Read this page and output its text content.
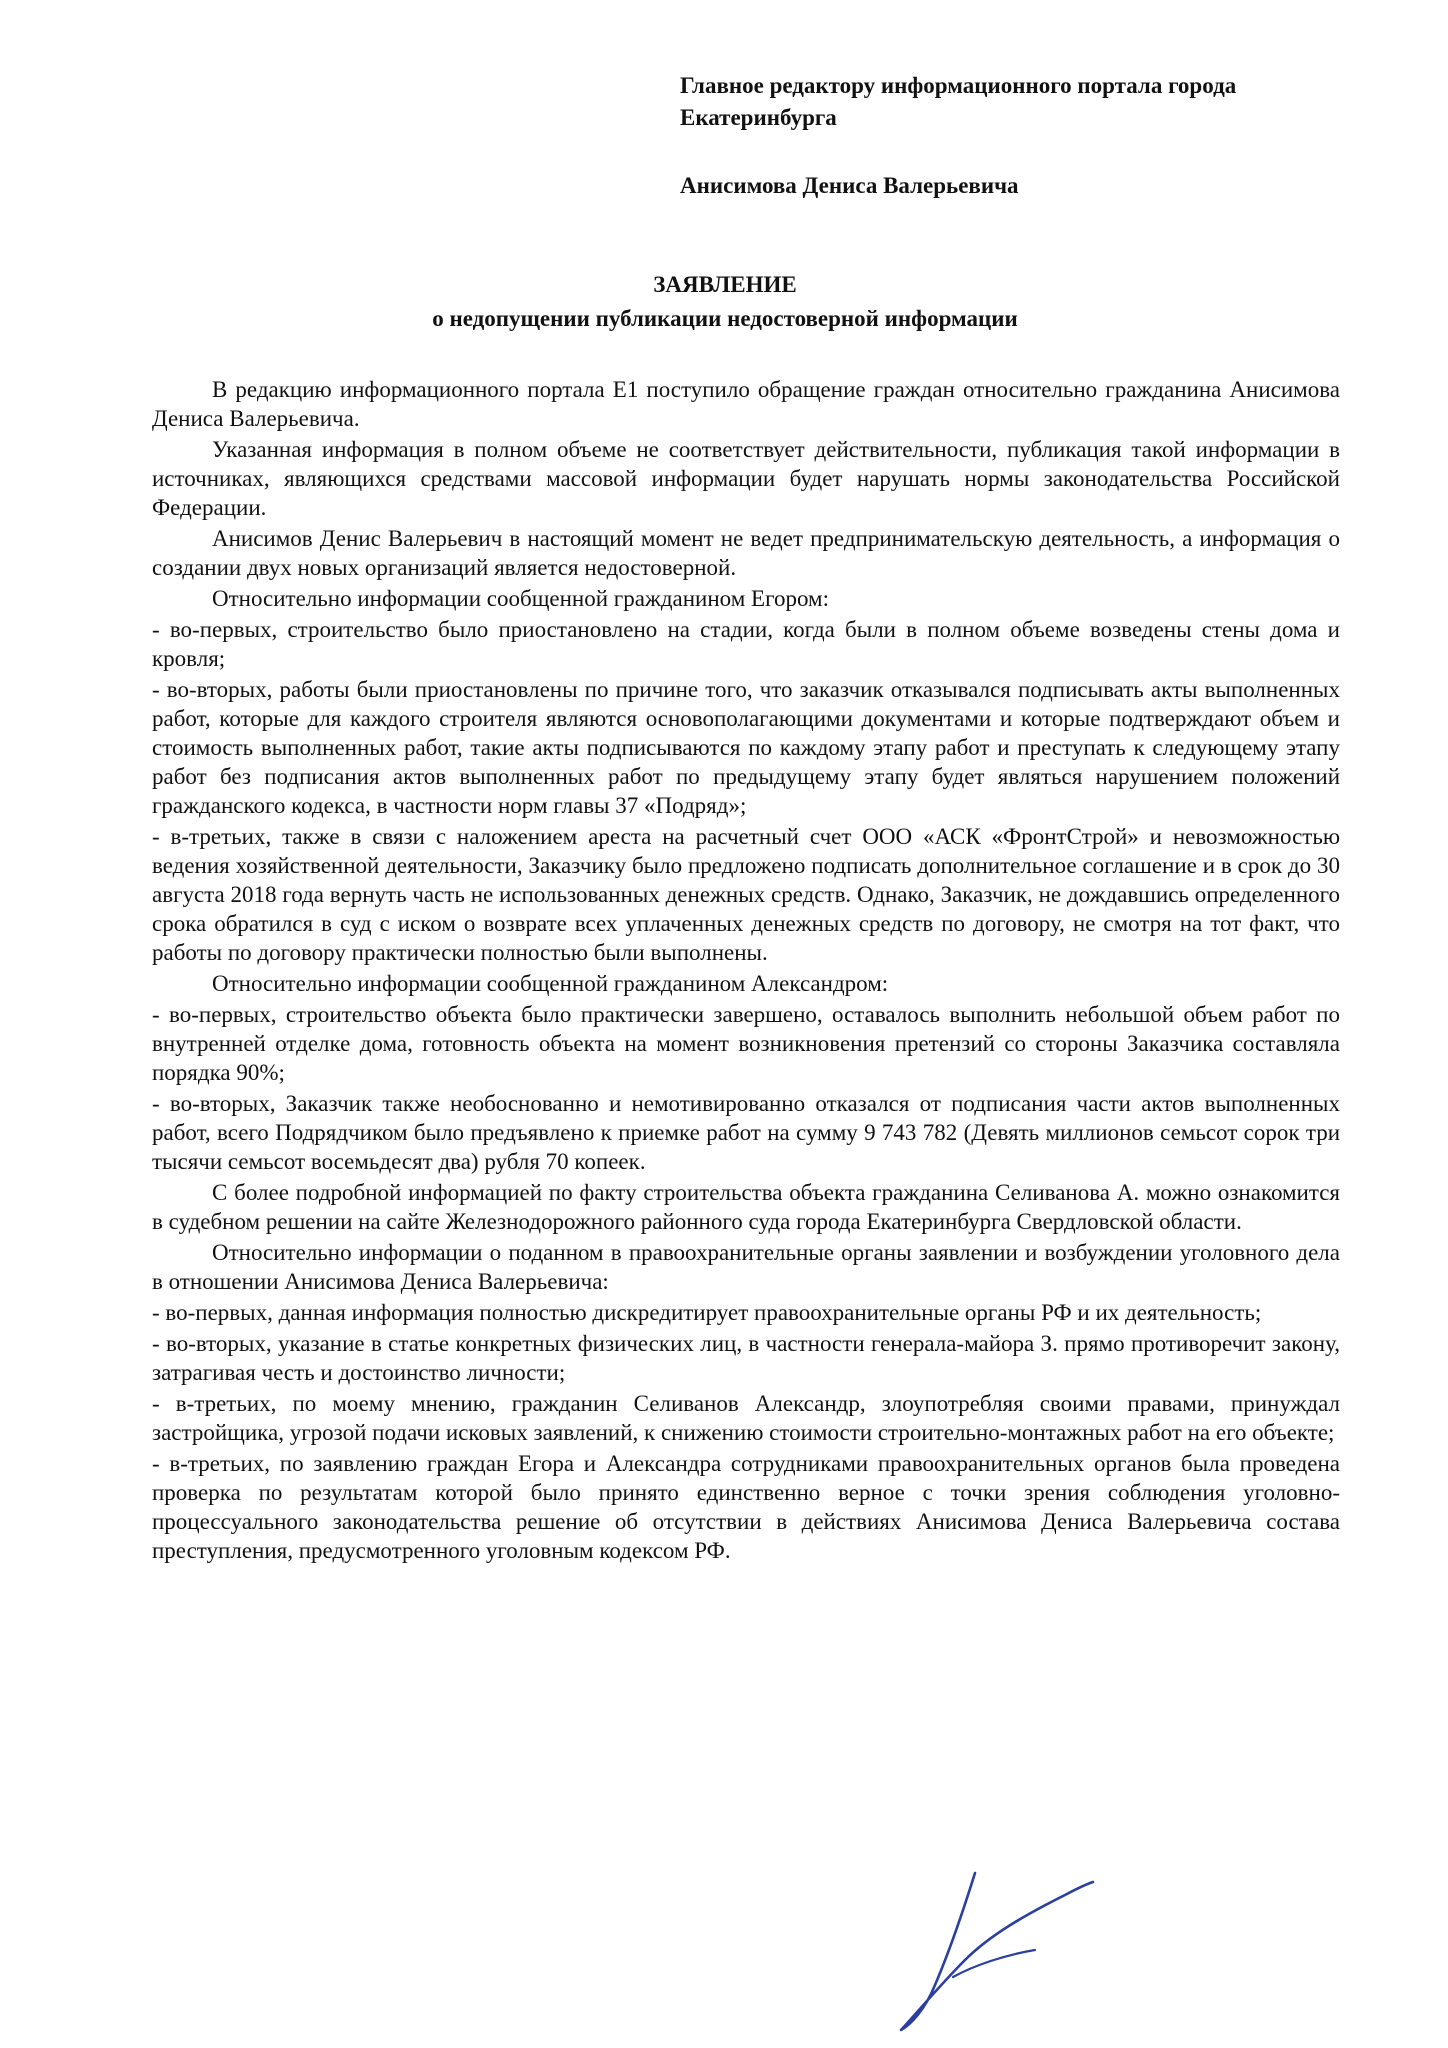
Главное редактору информационного портала города
Екатеринбурга
Анисимова Дениса Валерьевича
ЗАЯВЛЕНИЕ
о недопущении публикации недостоверной информации

В редакцию информационного портала Е1 поступило обращение граждан относительно гражданина Анисимова Дениса Валерьевича.

Указанная информация в полном объеме не соответствует действительности, публикация такой информации в источниках, являющихся средствами массовой информации будет нарушать нормы законодательства Российской Федерации.

Анисимов Денис Валерьевич в настоящий момент не ведет предпринимательскую деятельность, а информация о создании двух новых организаций является недостоверной.

Относительно информации сообщенной гражданином Егором:

- во-первых, строительство было приостановлено на стадии, когда были в полном объеме возведены стены дома и кровля;

- во-вторых, работы были приостановлены по причине того, что заказчик отказывался подписывать акты выполненных работ, которые для каждого строителя являются основополагающими документами и которые подтверждают объем и стоимость выполненных работ, такие акты подписываются по каждому этапу работ и преступать к следующему этапу работ без подписания актов выполненных работ по предыдущему этапу будет являться нарушением положений гражданского кодекса, в частности норм главы 37 «Подряд»;

- в-третьих, также в связи с наложением ареста на расчетный счет ООО «АСК «ФронтСтрой» и невозможностью ведения хозяйственной деятельности, Заказчику было предложено подписать дополнительное соглашение и в срок до 30 августа 2018 года вернуть часть не использованных денежных средств. Однако, Заказчик, не дождавшись определенного срока обратился в суд с иском о возврате всех уплаченных денежных средств по договору, не смотря на тот факт, что работы по договору практически полностью были выполнены.

Относительно информации сообщенной гражданином Александром:

- во-первых, строительство объекта было практически завершено, оставалось выполнить небольшой объем работ по внутренней отделке дома, готовность объекта на момент возникновения претензий со стороны Заказчика составляла порядка 90%;

- во-вторых, Заказчик также необоснованно и немотивированно отказался от подписания части актов выполненных работ, всего Подрядчиком было предъявлено к приемке работ на сумму 9 743 782 (Девять миллионов семьсот сорок три тысячи семьсот восемьдесят два) рубля 70 копеек.

С более подробной информацией по факту строительства объекта гражданина Селиванова А. можно ознакомится в судебном решении на сайте Железнодорожного районного суда города Екатеринбурга Свердловской области.

Относительно информации о поданном в правоохранительные органы заявлении и возбуждении уголовного дела в отношении Анисимова Дениса Валерьевича:

- во-первых, данная информация полностью дискредитирует правоохранительные органы РФ и их деятельность;

- во-вторых, указание в статье конкретных физических лиц, в частности генерала-майора З. прямо противоречит закону, затрагивая честь и достоинство личности;

- в-третьих, по моему мнению, гражданин Селиванов Александр, злоупотребляя своими правами, принуждал застройщика, угрозой подачи исковых заявлений, к снижению стоимости строительно-монтажных работ на его объекте;

- в-третьих, по заявлению граждан Егора и Александра сотрудниками правоохранительных органов была проведена проверка по результатам которой было принято единственно верное с точки зрения соблюдения уголовно-процессуального законодательства решение об отсутствии в действиях Анисимова Дениса Валерьевича состава преступления, предусмотренного уголовным кодексом РФ.
